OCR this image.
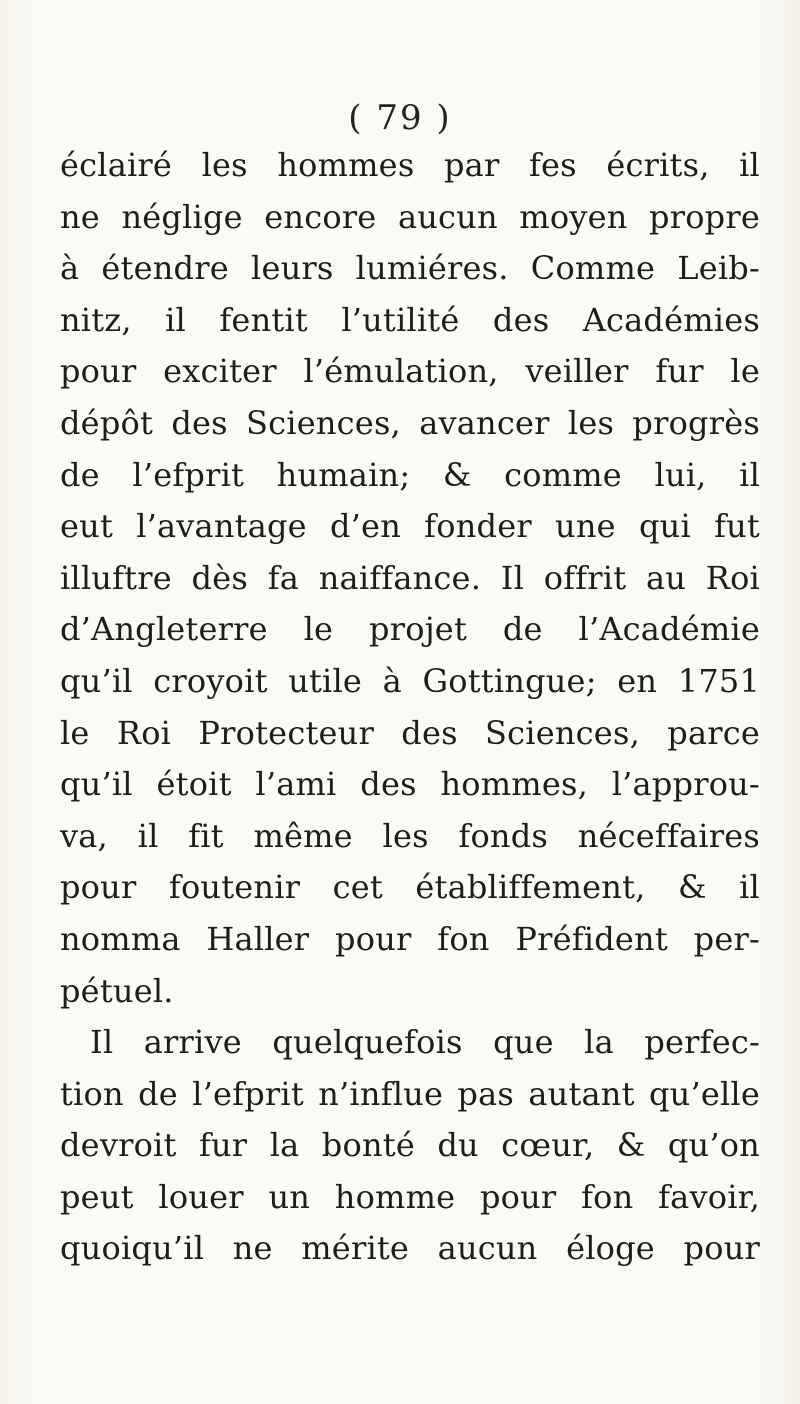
( 79 )
éclairé les hommes par fes écrits, il
ne néglige encore aucun moyen propre
à étendre leurs lumiéres. Comme Leib-
nitz, il fentit l’utilité des Académies
pour exciter l’émulation, veiller fur le
dépôt des Sciences, avancer les progrès
de l’efprit humain; & comme lui, il
eut l’avantage d’en fonder une qui fut
illuftre dès fa naiffance. Il offrit au Roi
d’Angleterre le projet de l’Académie
qu’il croyoit utile à Gottingue; en 1751
le Roi Protecteur des Sciences, parce
qu’il étoit l’ami des hommes, l’approu-
va, il fit même les fonds néceffaires
pour foutenir cet établiffement, & il
nomma Haller pour fon Préfident per-
pétuel.
Il arrive quelquefois que la perfec-
tion de l’efprit n’influe pas autant qu’elle
devroit fur la bonté du cœur, & qu’on
peut louer un homme pour fon favoir,
quoiqu’il ne mérite aucun éloge pour
